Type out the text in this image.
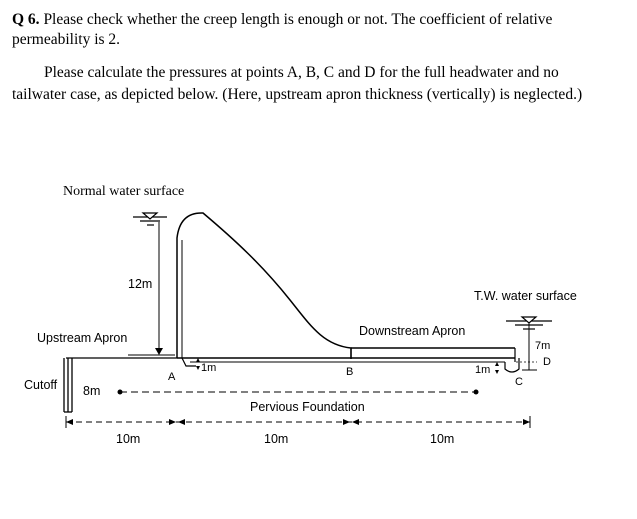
Q 6. Please check whether the creep length is enough or not. The coefficient of relative
permeability is 2.
Please calculate the pressures at points A, B, C and D for the full headwater and no
tailwater case, as depicted below. (Here, upstream apron thickness (vertically) is neglected.)
Normal water surface
12m
Upstream Apron	Downstream Apron
T.W. water surface
7m
Cutoff 8m
1m	1m
A	B
C
D
Pervious Foundation
10m	10m	10m
